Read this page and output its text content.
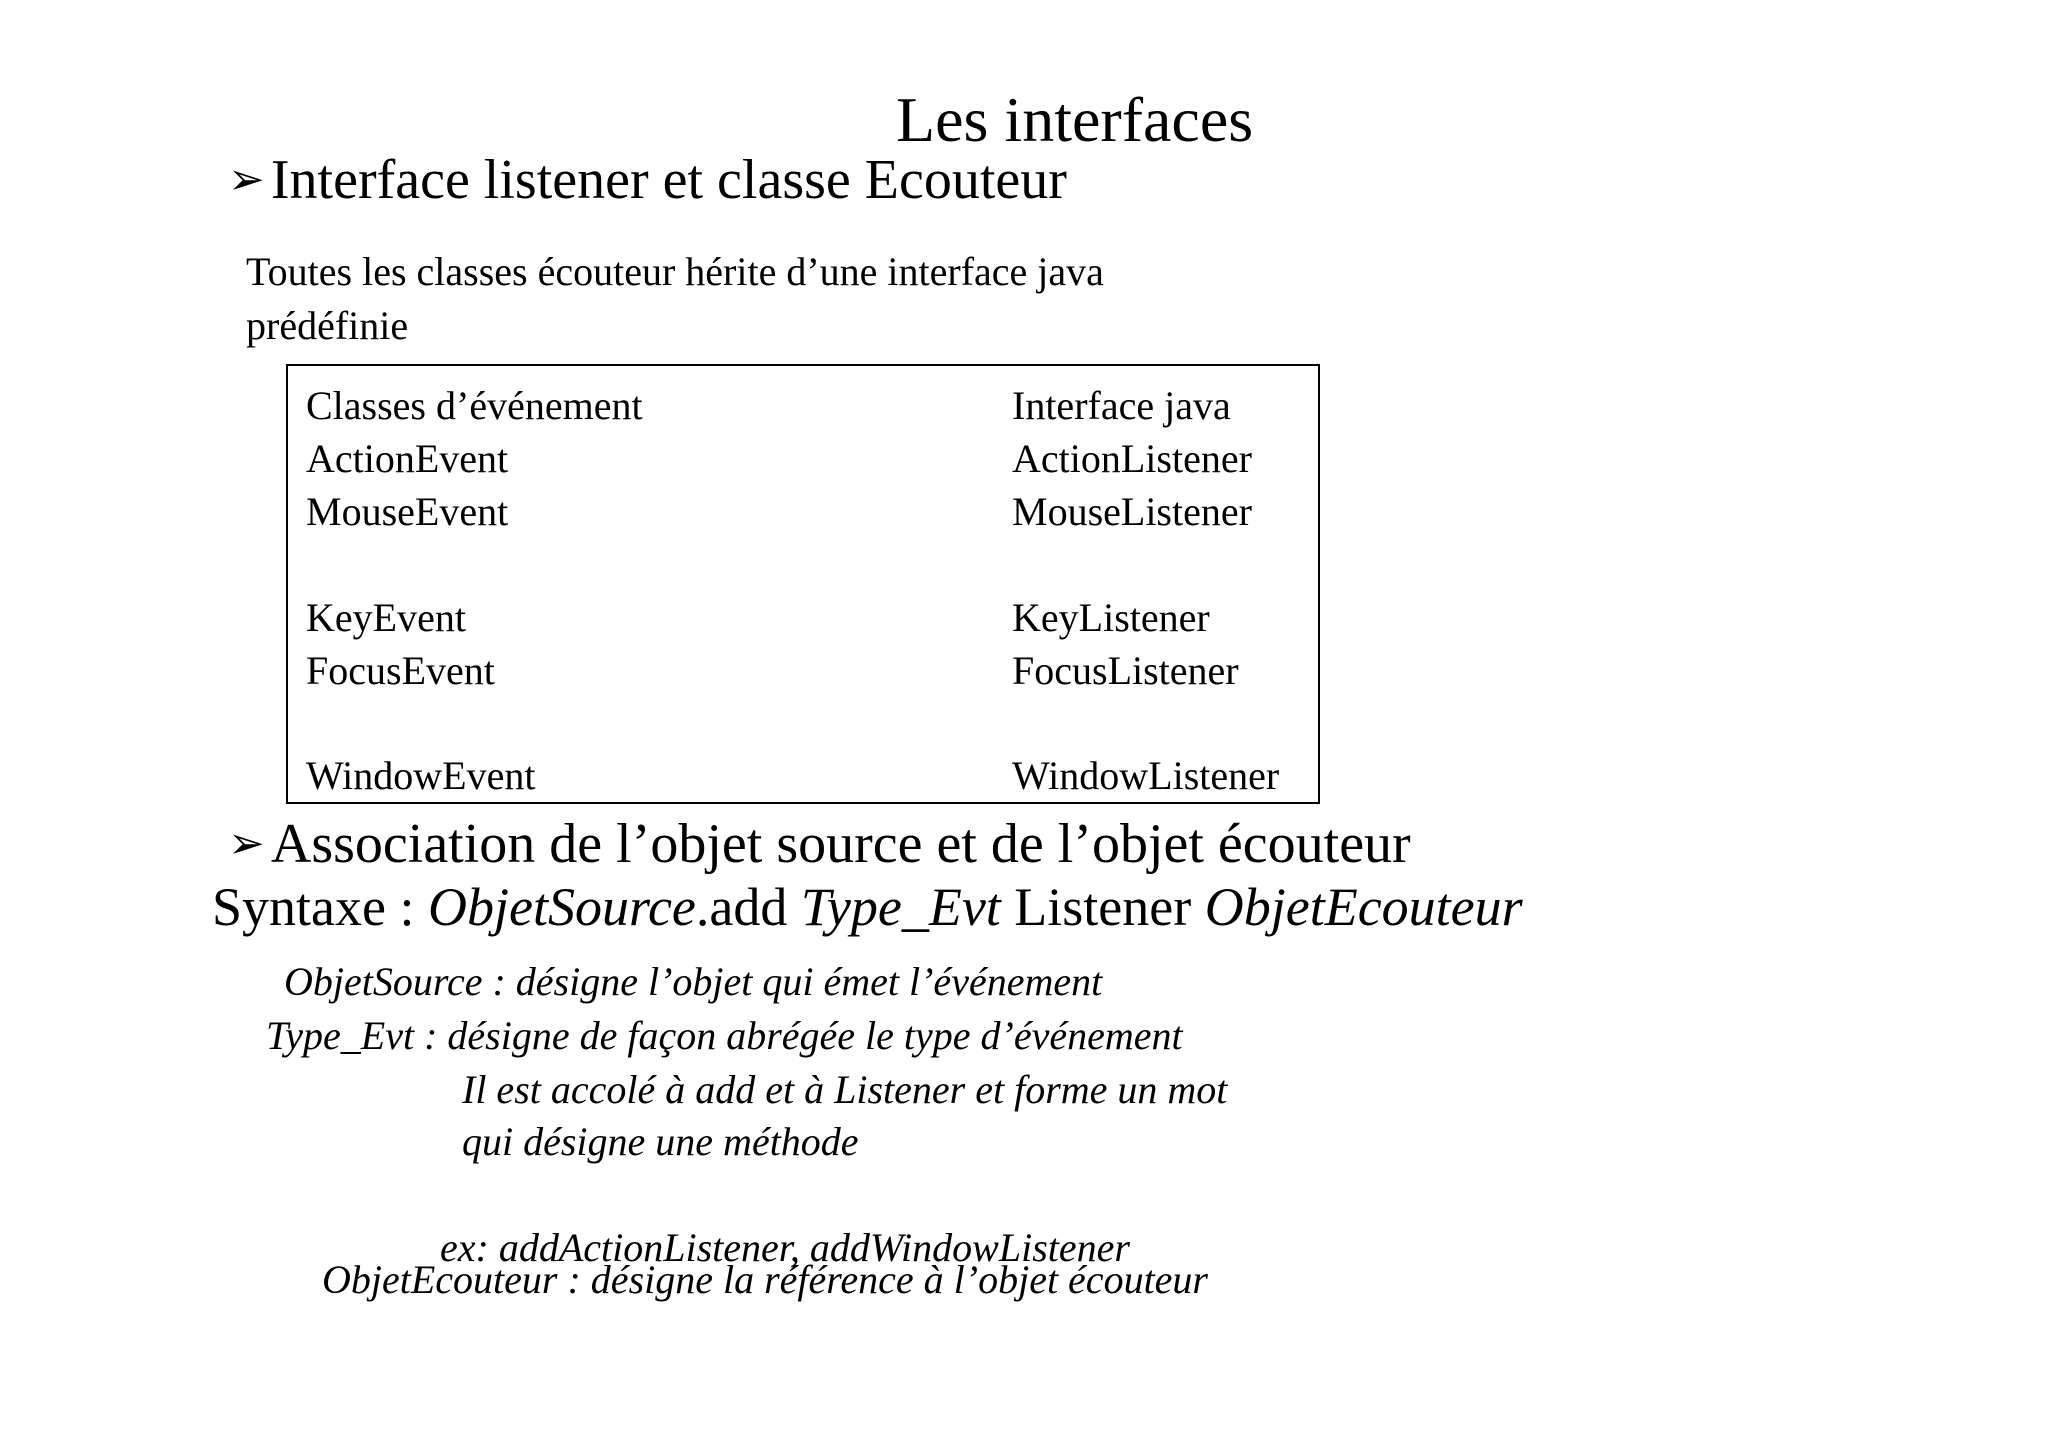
Les interfaces
➢ Interface listener et classe Ecouteur
Toutes les classes écouteur hérite d’une interface java
prédéfinie
Classes d’événement	Interface java
ActionEvent	ActionListener
MouseEvent	MouseListener
KeyEvent	KeyListener
FocusEvent	FocusListener
WindowEvent	WindowListener
➢ Association de l’objet source et de l’objet écouteur
Syntaxe : ObjetSource.add Type_Evt Listener ObjetEcouteur
ObjetSource : désigne l’objet qui émet l’événement
Type_Evt : désigne de façon abrégée le type d’événement
Il est accolé à add et à Listener et forme un mot
qui désigne une méthode
ex: addActionListener, addWindowListener
ObjetEcouteur : désigne la référence à l’objet écouteur
